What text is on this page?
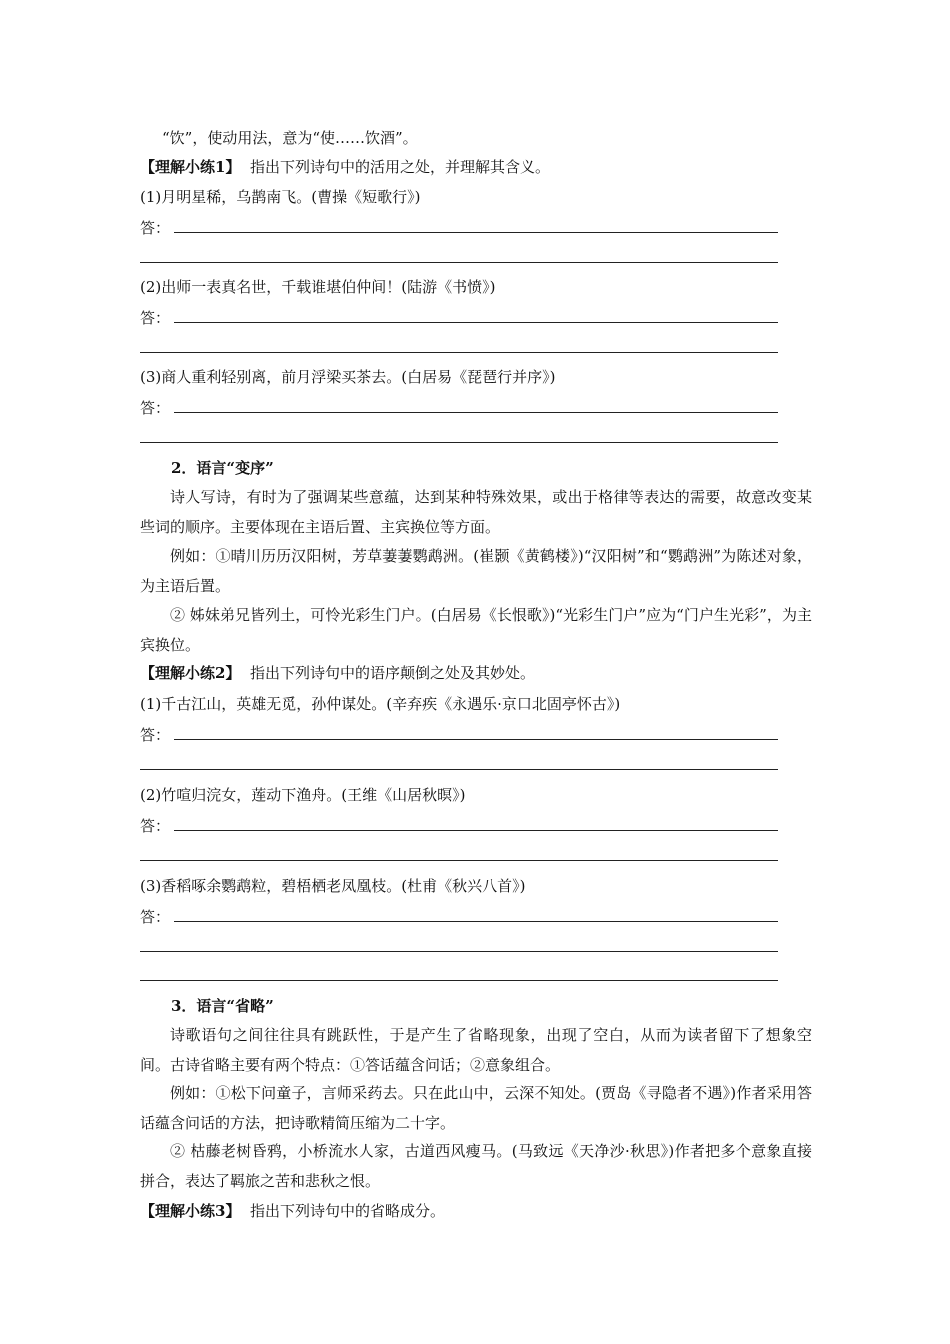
“饮”，使动用法，意为“使……饮酒”。
【理解小练1】 指出下列诗句中的活用之处，并理解其含义。
(1)月明星稀，乌鹊南飞。(曹操《短歌行》)
答：
(2)出师一表真名世，千载谁堪伯仲间！(陆游《书愤》)
答：
(3)商人重利轻别离，前月浮梁买茶去。(白居易《琵琶行并序》)
答：
2．语言“变序”
诗人写诗，有时为了强调某些意蕴，达到某种特殊效果，或出于格律等表达的需要，故意改变某些词的顺序。主要体现在主语后置、主宾换位等方面。
例如：①晴川历历汉阳树，芳草萋萋鹦鹉洲。(崔颢《黄鹤楼》)“汉阳树”和“鹦鹉洲”为陈述对象，为主语后置。
② 姊妹弟兄皆列土，可怜光彩生门户。(白居易《长恨歌》)“光彩生门户”应为“门户生光彩”，为主宾换位。
【理解小练2】 指出下列诗句中的语序颠倒之处及其妙处。
(1)千古江山，英雄无觅，孙仲谋处。(辛弃疾《永遇乐·京口北固亭怀古》)
答：
(2)竹喧归浣女，莲动下渔舟。(王维《山居秋暝》)
答：
(3)香稻啄余鹦鹉粒，碧梧栖老凤凰枝。(杜甫《秋兴八首》)
答：
3．语言“省略”
诗歌语句之间往往具有跳跃性，于是产生了省略现象，出现了空白，从而为读者留下了想象空间。古诗省略主要有两个特点：①答话蕴含问话；②意象组合。
例如：①松下问童子，言师采药去。只在此山中，云深不知处。(贾岛《寻隐者不遇》)作者采用答话蕴含问话的方法，把诗歌精简压缩为二十字。
② 枯藤老树昏鸦，小桥流水人家，古道西风瘦马。(马致远《天净沙·秋思》)作者把多个意象直接拼合，表达了羁旅之苦和悲秋之恨。
【理解小练3】 指出下列诗句中的省略成分。
